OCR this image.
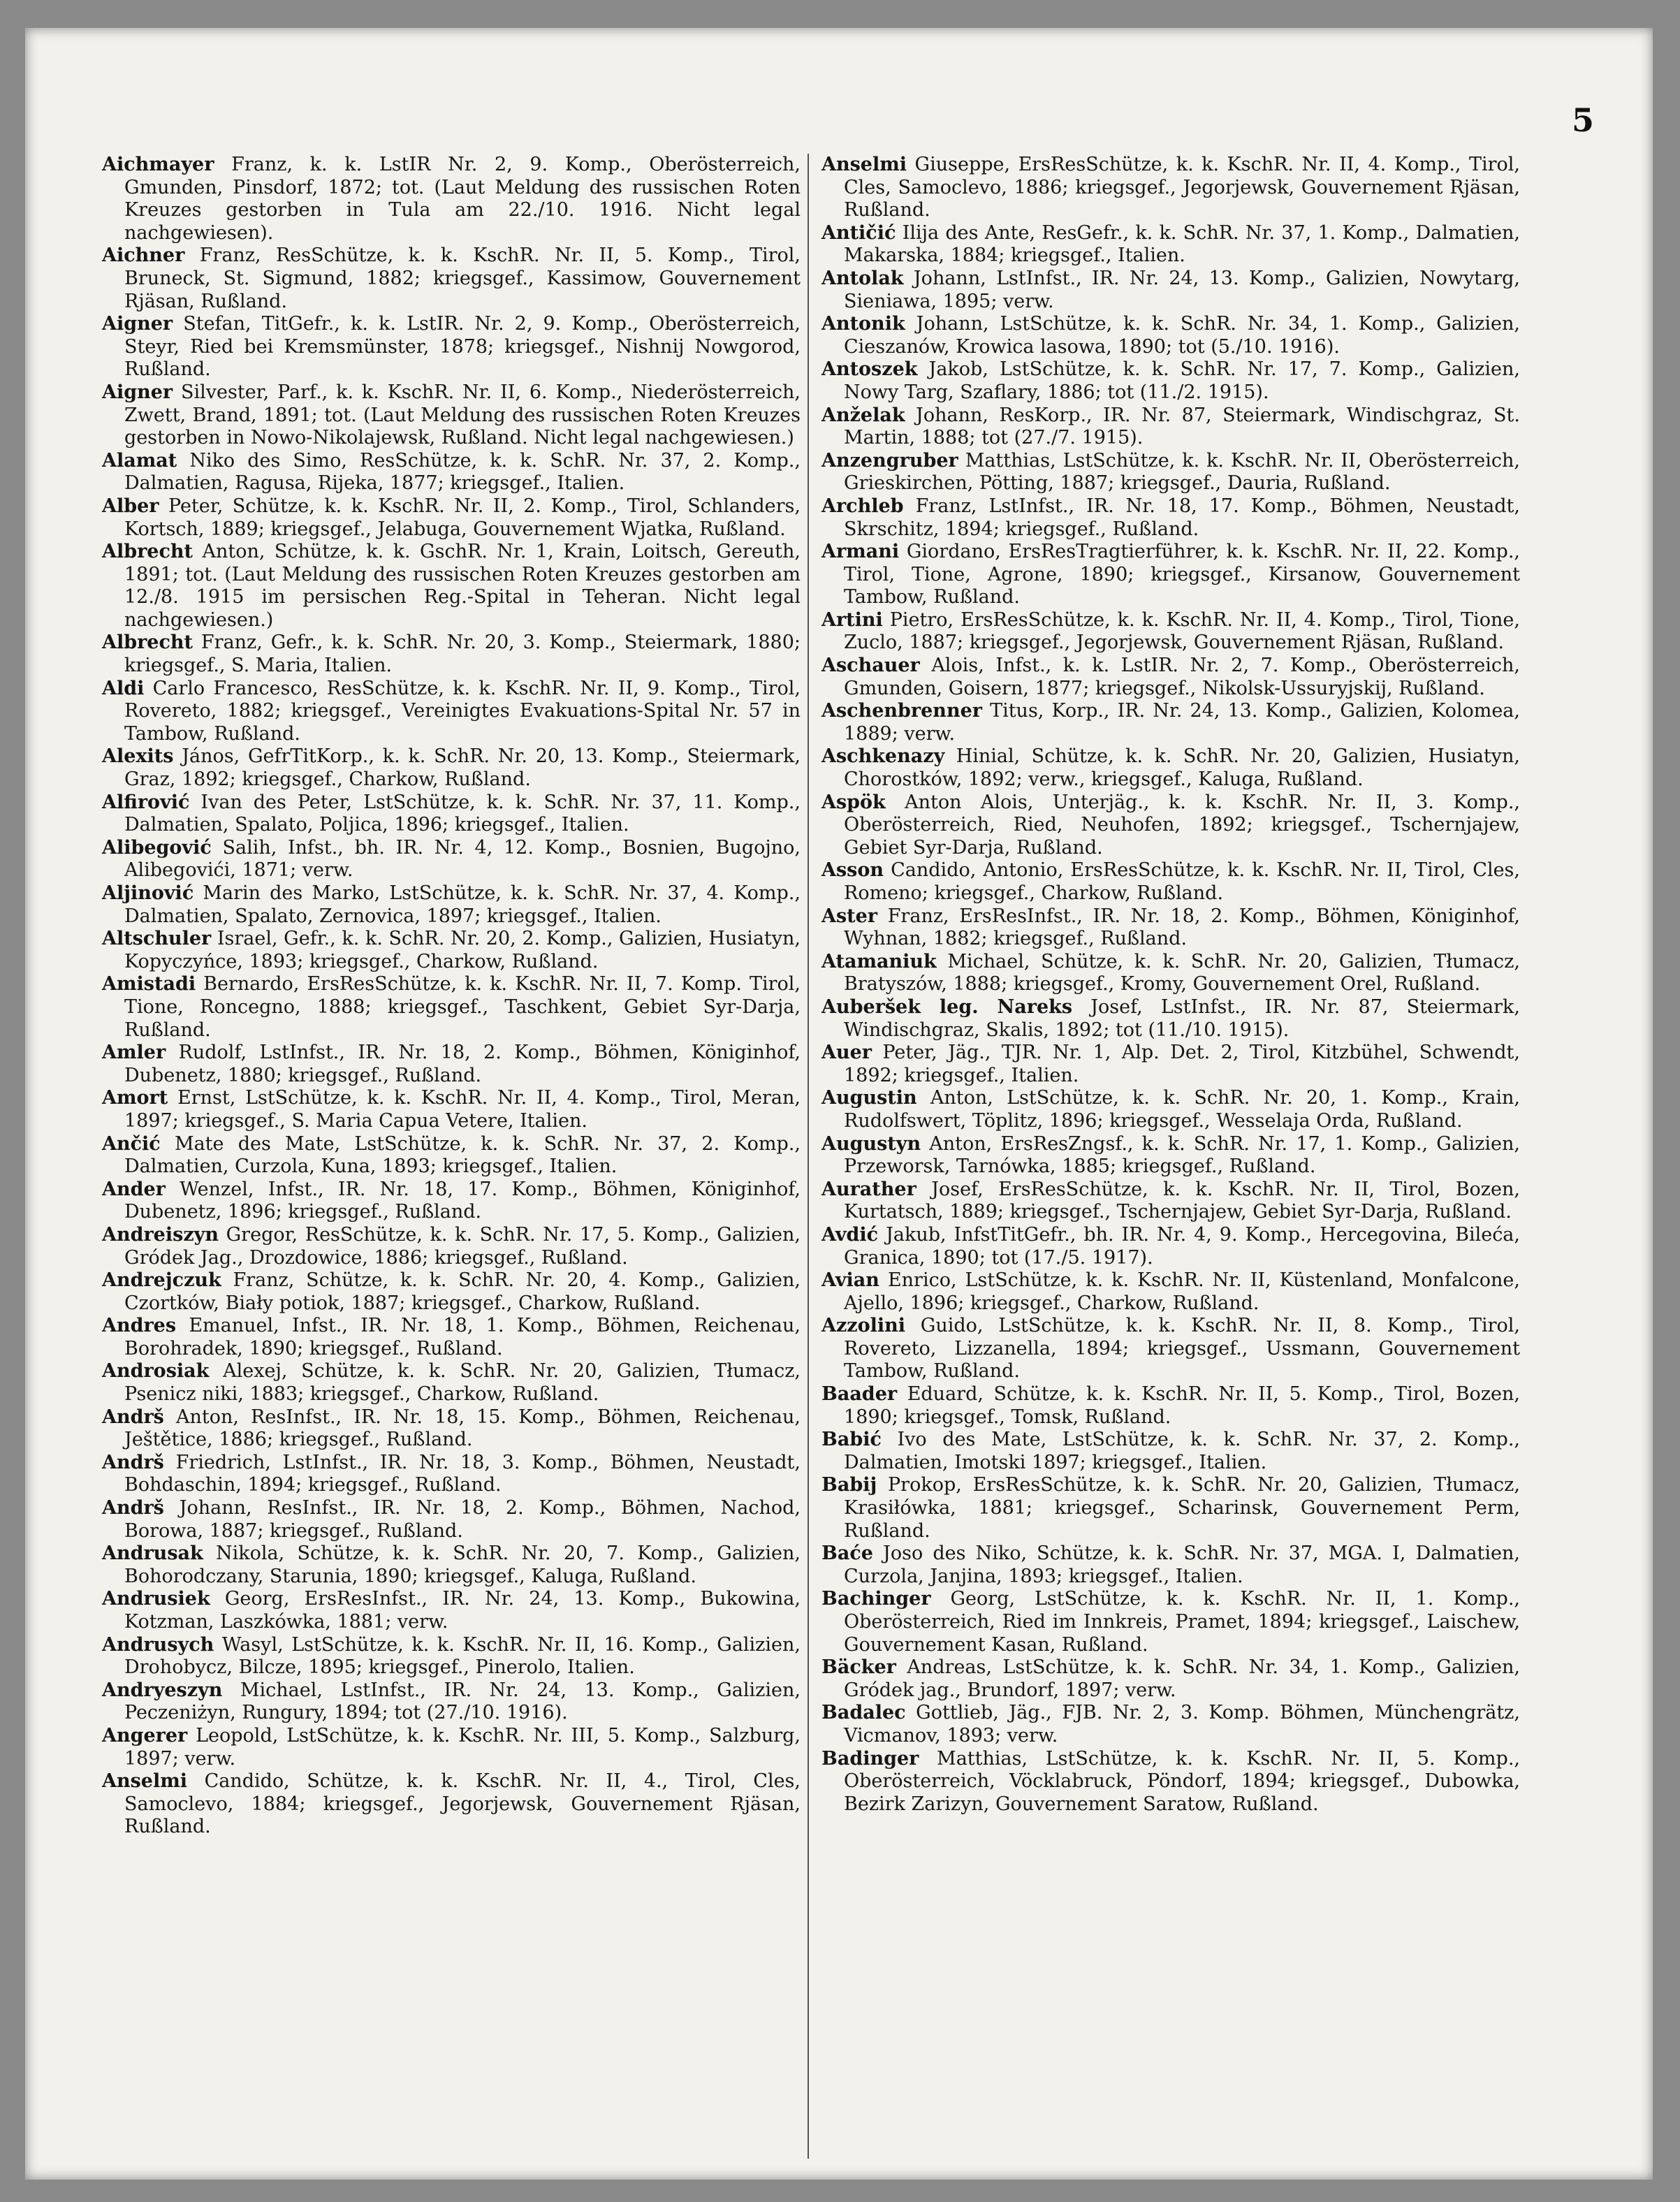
5

Aichmayer Franz, k. k. LstIR Nr. 2, 9. Komp., Oberösterreich, Gmunden, Pinsdorf, 1872; tot. (Laut Meldung des russischen Roten Kreuzes gestorben in Tula am 22./10. 1916. Nicht legal nachgewiesen).

Aichner Franz, ResSchütze, k. k. KschR. Nr. II, 5. Komp., Tirol, Bruneck, St. Sigmund, 1882; kriegsgef., Kassimow, Gouvernement Rjäsan, Rußland.

Aigner Stefan, TitGefr., k. k. LstIR. Nr. 2, 9. Komp., Oberösterreich, Steyr, Ried bei Kremsmünster, 1878; kriegsgef., Nishnij Nowgorod, Rußland.

Aigner Silvester, Parf., k. k. KschR. Nr. II, 6. Komp., Niederösterreich, Zwett, Brand, 1891; tot. (Laut Meldung des russischen Roten Kreuzes gestorben in Nowo-Nikolajewsk, Rußland. Nicht legal nachgewiesen.)

Alamat Niko des Simo, ResSchütze, k. k. SchR. Nr. 37, 2. Komp., Dalmatien, Ragusa, Rijeka, 1877; kriegsgef., Italien.

Alber Peter, Schütze, k. k. KschR. Nr. II, 2. Komp., Tirol, Schlanders, Kortsch, 1889; kriegsgef., Jelabuga, Gouvernement Wjatka, Rußland.

Albrecht Anton, Schütze, k. k. GschR. Nr. 1, Krain, Loitsch, Gereuth, 1891; tot. (Laut Meldung des russischen Roten Kreuzes gestorben am 12./8. 1915 im persischen Reg.-Spital in Teheran. Nicht legal nachgewiesen.)

Albrecht Franz, Gefr., k. k. SchR. Nr. 20, 3. Komp., Steiermark, 1880; kriegsgef., S. Maria, Italien.

Aldi Carlo Francesco, ResSchütze, k. k. KschR. Nr. II, 9. Komp., Tirol, Rovereto, 1882; kriegsgef., Vereinigtes Evakuations-Spital Nr. 57 in Tambow, Rußland.

Alexits János, GefrTitKorp., k. k. SchR. Nr. 20, 13. Komp., Steiermark, Graz, 1892; kriegsgef., Charkow, Rußland.

Alfirović Ivan des Peter, LstSchütze, k. k. SchR. Nr. 37, 11. Komp., Dalmatien, Spalato, Poljica, 1896; kriegsgef., Italien.

Alibegović Salih, Infst., bh. IR. Nr. 4, 12. Komp., Bosnien, Bugojno, Alibegovići, 1871; verw.

Aljinović Marin des Marko, LstSchütze, k. k. SchR. Nr. 37, 4. Komp., Dalmatien, Spalato, Zernovica, 1897; kriegsgef., Italien.

Altschuler Israel, Gefr., k. k. SchR. Nr. 20, 2. Komp., Galizien, Husiatyn, Kopyczyńce, 1893; kriegsgef., Charkow, Rußland.

Amistadi Bernardo, ErsResSchütze, k. k. KschR. Nr. II, 7. Komp. Tirol, Tione, Roncegno, 1888; kriegsgef., Taschkent, Gebiet Syr-Darja, Rußland.

Amler Rudolf, LstInfst., IR. Nr. 18, 2. Komp., Böhmen, Königinhof, Dubenetz, 1880; kriegsgef., Rußland.

Amort Ernst, LstSchütze, k. k. KschR. Nr. II, 4. Komp., Tirol, Meran, 1897; kriegsgef., S. Maria Capua Vetere, Italien.

Ančić Mate des Mate, LstSchütze, k. k. SchR. Nr. 37, 2. Komp., Dalmatien, Curzola, Kuna, 1893; kriegsgef., Italien.

Ander Wenzel, Infst., IR. Nr. 18, 17. Komp., Böhmen, Königinhof, Dubenetz, 1896; kriegsgef., Rußland.

Andreiszyn Gregor, ResSchütze, k. k. SchR. Nr. 17, 5. Komp., Galizien, Gródek Jag., Drozdowice, 1886; kriegsgef., Rußland.

Andrejczuk Franz, Schütze, k. k. SchR. Nr. 20, 4. Komp., Galizien, Czortków, Biały potiok, 1887; kriegsgef., Charkow, Rußland.

Andres Emanuel, Infst., IR. Nr. 18, 1. Komp., Böhmen, Reichenau, Borohradek, 1890; kriegsgef., Rußland.

Androsiak Alexej, Schütze, k. k. SchR. Nr. 20, Galizien, Tłumacz, Psenicz niki, 1883; kriegsgef., Charkow, Rußland.

Andrš Anton, ResInfst., IR. Nr. 18, 15. Komp., Böhmen, Reichenau, Ještětice, 1886; kriegsgef., Rußland.

Andrš Friedrich, LstInfst., IR. Nr. 18, 3. Komp., Böhmen, Neustadt, Bohdaschin, 1894; kriegsgef., Rußland.

Andrš Johann, ResInfst., IR. Nr. 18, 2. Komp., Böhmen, Nachod, Borowa, 1887; kriegsgef., Rußland.

Andrusak Nikola, Schütze, k. k. SchR. Nr. 20, 7. Komp., Galizien, Bohorodczany, Starunia, 1890; kriegsgef., Kaluga, Rußland.

Andrusiek Georg, ErsResInfst., IR. Nr. 24, 13. Komp., Bukowina, Kotzman, Laszkówka, 1881; verw.

Andrusych Wasyl, LstSchütze, k. k. KschR. Nr. II, 16. Komp., Galizien, Drohobycz, Bilcze, 1895; kriegsgef., Pinerolo, Italien.

Andryeszyn Michael, LstInfst., IR. Nr. 24, 13. Komp., Galizien, Peczeniżyn, Rungury, 1894; tot (27./10. 1916).

Angerer Leopold, LstSchütze, k. k. KschR. Nr. III, 5. Komp., Salzburg, 1897; verw.

Anselmi Candido, Schütze, k. k. KschR. Nr. II, 4., Tirol, Cles, Samoclevo, 1884; kriegsgef., Jegorjewsk, Gouvernement Rjäsan, Rußland.

Anselmi Giuseppe, ErsResSchütze, k. k. KschR. Nr. II, 4. Komp., Tirol, Cles, Samoclevo, 1886; kriegsgef., Jegorjewsk, Gouvernement Rjäsan, Rußland.

Antičić Ilija des Ante, ResGefr., k. k. SchR. Nr. 37, 1. Komp., Dalmatien, Makarska, 1884; kriegsgef., Italien.

Antolak Johann, LstInfst., IR. Nr. 24, 13. Komp., Galizien, Nowytarg, Sieniawa, 1895; verw.

Antonik Johann, LstSchütze, k. k. SchR. Nr. 34, 1. Komp., Galizien, Cieszanów, Krowica lasowa, 1890; tot (5./10. 1916).

Antoszek Jakob, LstSchütze, k. k. SchR. Nr. 17, 7. Komp., Galizien, Nowy Targ, Szaflary, 1886; tot (11./2. 1915).

Anželak Johann, ResKorp., IR. Nr. 87, Steiermark, Windischgraz, St. Martin, 1888; tot (27./7. 1915).

Anzengruber Matthias, LstSchütze, k. k. KschR. Nr. II, Oberösterreich, Grieskirchen, Pötting, 1887; kriegsgef., Dauria, Rußland.

Archleb Franz, LstInfst., IR. Nr. 18, 17. Komp., Böhmen, Neustadt, Skrschitz, 1894; kriegsgef., Rußland.

Armani Giordano, ErsResTragtierführer, k. k. KschR. Nr. II, 22. Komp., Tirol, Tione, Agrone, 1890; kriegsgef., Kirsanow, Gouvernement Tambow, Rußland.

Artini Pietro, ErsResSchütze, k. k. KschR. Nr. II, 4. Komp., Tirol, Tione, Zuclo, 1887; kriegsgef., Jegorjewsk, Gouvernement Rjäsan, Rußland.

Aschauer Alois, Infst., k. k. LstIR. Nr. 2, 7. Komp., Oberösterreich, Gmunden, Goisern, 1877; kriegsgef., Nikolsk-Ussuryjskij, Rußland.

Aschenbrenner Titus, Korp., IR. Nr. 24, 13. Komp., Galizien, Kolomea, 1889; verw.

Aschkenazy Hinial, Schütze, k. k. SchR. Nr. 20, Galizien, Husiatyn, Chorostków, 1892; verw., kriegsgef., Kaluga, Rußland.

Aspök Anton Alois, Unterjäg., k. k. KschR. Nr. II, 3. Komp., Oberösterreich, Ried, Neuhofen, 1892; kriegsgef., Tschernjajew, Gebiet Syr-Darja, Rußland.

Asson Candido, Antonio, ErsResSchütze, k. k. KschR. Nr. II, Tirol, Cles, Romeno; kriegsgef., Charkow, Rußland.

Aster Franz, ErsResInfst., IR. Nr. 18, 2. Komp., Böhmen, Königinhof, Wyhnan, 1882; kriegsgef., Rußland.

Atamaniuk Michael, Schütze, k. k. SchR. Nr. 20, Galizien, Tłumacz, Bratyszów, 1888; kriegsgef., Kromy, Gouvernement Orel, Rußland.

Auberšek leg. Nareks Josef, LstInfst., IR. Nr. 87, Steiermark, Windischgraz, Skalis, 1892; tot (11./10. 1915).

Auer Peter, Jäg., TJR. Nr. 1, Alp. Det. 2, Tirol, Kitzbühel, Schwendt, 1892; kriegsgef., Italien.

Augustin Anton, LstSchütze, k. k. SchR. Nr. 20, 1. Komp., Krain, Rudolfswert, Töplitz, 1896; kriegsgef., Wesselaja Orda, Rußland.

Augustyn Anton, ErsResZngsf., k. k. SchR. Nr. 17, 1. Komp., Galizien, Przeworsk, Tarnówka, 1885; kriegsgef., Rußland.

Aurather Josef, ErsResSchütze, k. k. KschR. Nr. II, Tirol, Bozen, Kurtatsch, 1889; kriegsgef., Tschernjajew, Gebiet Syr-Darja, Rußland.

Avdić Jakub, InfstTitGefr., bh. IR. Nr. 4, 9. Komp., Hercegovina, Bileća, Granica, 1890; tot (17./5. 1917).

Avian Enrico, LstSchütze, k. k. KschR. Nr. II, Küstenland, Monfalcone, Ajello, 1896; kriegsgef., Charkow, Rußland.

Azzolini Guido, LstSchütze, k. k. KschR. Nr. II, 8. Komp., Tirol, Rovereto, Lizzanella, 1894; kriegsgef., Ussmann, Gouvernement Tambow, Rußland.

Baader Eduard, Schütze, k. k. KschR. Nr. II, 5. Komp., Tirol, Bozen, 1890; kriegsgef., Tomsk, Rußland.

Babić Ivo des Mate, LstSchütze, k. k. SchR. Nr. 37, 2. Komp., Dalmatien, Imotski 1897; kriegsgef., Italien.

Babij Prokop, ErsResSchütze, k. k. SchR. Nr. 20, Galizien, Tłumacz, Krasiłówka, 1881; kriegsgef., Scharinsk, Gouvernement Perm, Rußland.

Baće Joso des Niko, Schütze, k. k. SchR. Nr. 37, MGA. I, Dalmatien, Curzola, Janjina, 1893; kriegsgef., Italien.

Bachinger Georg, LstSchütze, k. k. KschR. Nr. II, 1. Komp., Oberösterreich, Ried im Innkreis, Pramet, 1894; kriegsgef., Laischew, Gouvernement Kasan, Rußland.

Bäcker Andreas, LstSchütze, k. k. SchR. Nr. 34, 1. Komp., Galizien, Gródek jag., Brundorf, 1897; verw.

Badalec Gottlieb, Jäg., FJB. Nr. 2, 3. Komp. Böhmen, Münchengrätz, Vicmanov, 1893; verw.

Badinger Matthias, LstSchütze, k. k. KschR. Nr. II, 5. Komp., Oberösterreich, Vöcklabruck, Pöndorf, 1894; kriegsgef., Dubowka, Bezirk Zarizyn, Gouvernement Saratow, Rußland.
